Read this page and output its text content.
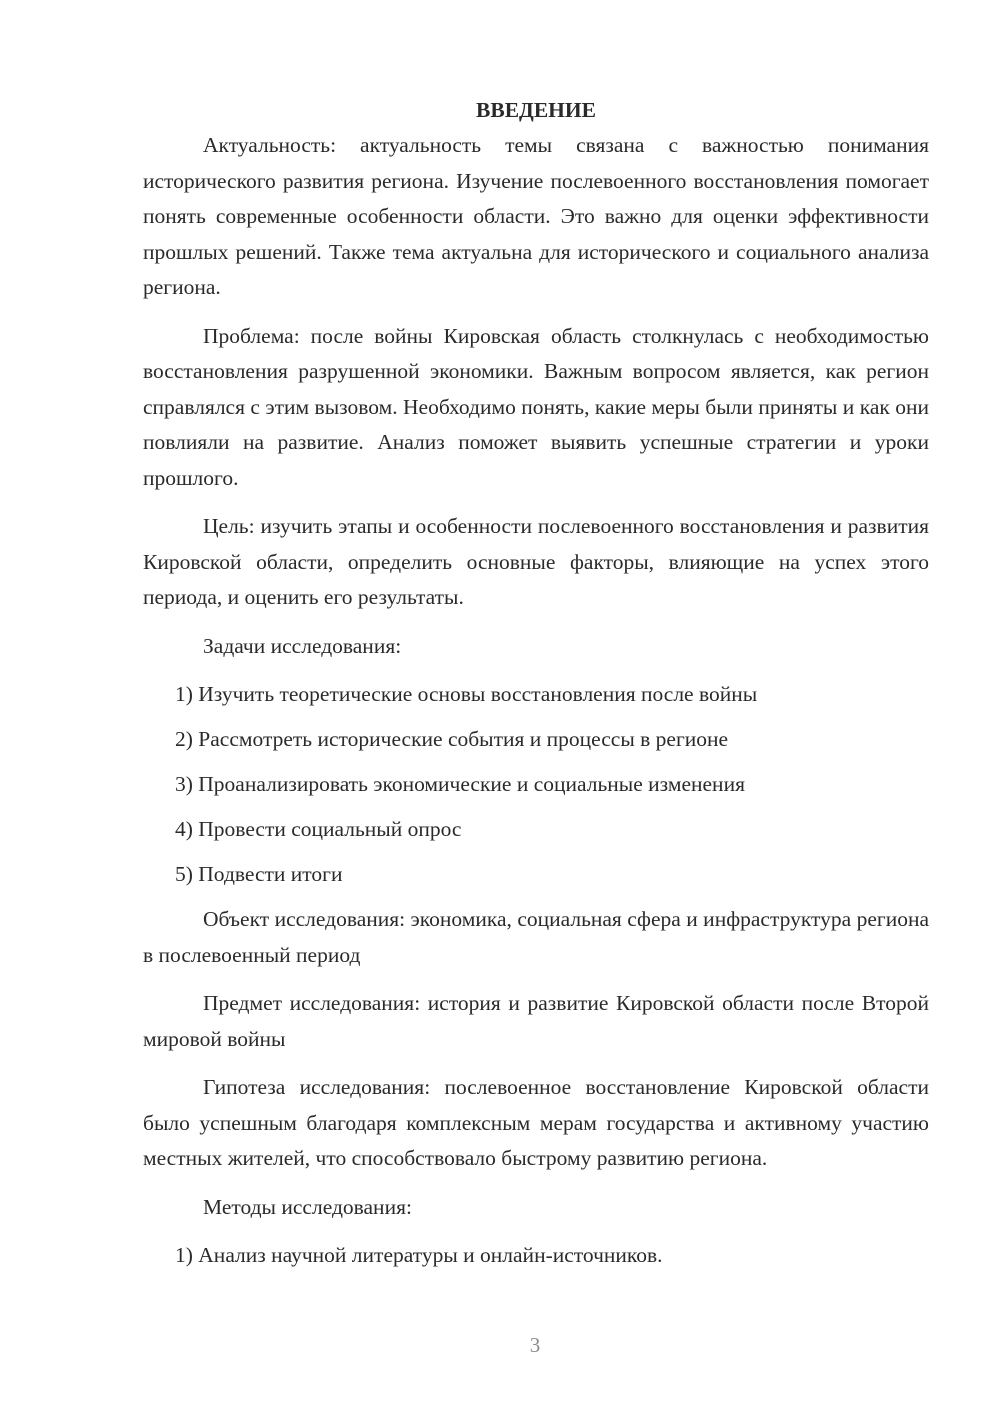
ВВЕДЕНИЕ

Актуальность: актуальность темы связана с важностью понимания исторического развития региона. Изучение послевоенного восстановления помогает понять современные особенности области. Это важно для оценки эффективности прошлых решений. Также тема актуальна для исторического и социального анализа региона.

Проблема: после войны Кировская область столкнулась с необходимостью восстановления разрушенной экономики. Важным вопросом является, как регион справлялся с этим вызовом. Необходимо понять, какие меры были приняты и как они повлияли на развитие. Анализ поможет выявить успешные стратегии и уроки прошлого.

Цель: изучить этапы и особенности послевоенного восстановления и развития Кировской области, определить основные факторы, влияющие на успех этого периода, и оценить его результаты.

Задачи исследования:

1) Изучить теоретические основы восстановления после войны
2) Рассмотреть исторические события и процессы в регионе
3) Проанализировать экономические и социальные изменения
4) Провести социальный опрос
5) Подвести итоги

Объект исследования: экономика, социальная сфера и инфраструктура региона в послевоенный период

Предмет исследования: история и развитие Кировской области после Второй мировой войны

Гипотеза исследования: послевоенное восстановление Кировской области было успешным благодаря комплексным мерам государства и активному участию местных жителей, что способствовало быстрому развитию региона.

Методы исследования:

1) Анализ научной литературы и онлайн-источников.
3
